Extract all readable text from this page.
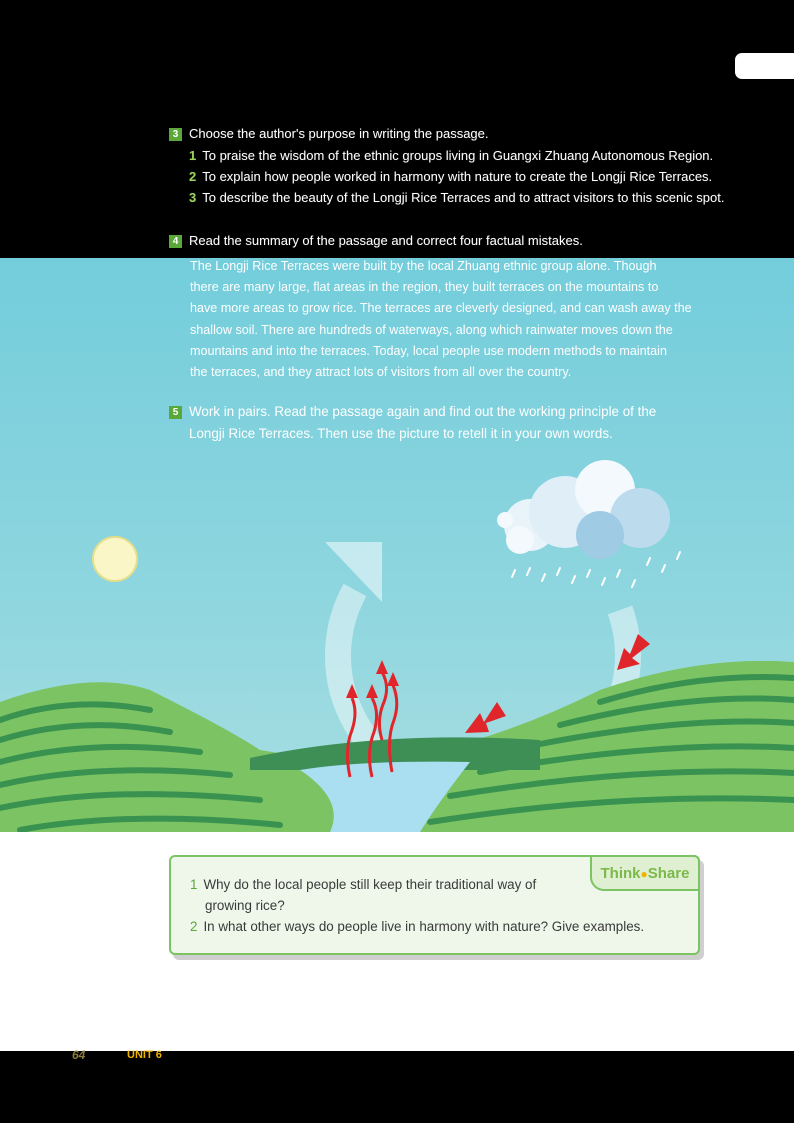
3 Choose the author's purpose in writing the passage.
1 To praise the wisdom of the ethnic groups living in Guangxi Zhuang Autonomous Region.
2 To explain how people worked in harmony with nature to create the Longji Rice Terraces.
3 To describe the beauty of the Longji Rice Terraces and to attract visitors to this scenic spot.
4 Read the summary of the passage and correct four factual mistakes.
The Longji Rice Terraces were built by the local Zhuang ethnic group alone. Though
there are many large, flat areas in the region, they built terraces on the mountains to
have more areas to grow rice. The terraces are cleverly designed, and can wash away the
shallow soil. There are hundreds of waterways, along which rainwater moves down the
mountains and into the terraces. Today, local people use modern methods to maintain
the terraces, and they attract lots of visitors from all over the country.
5 Work in pairs. Read the passage again and find out the working principle of the
Longji Rice Terraces. Then use the picture to retell it in your own words.
Think●Share
1 Why do the local people still keep their traditional way of
growing rice?
2 In what other ways do people live in harmony with nature? Give examples.
64	UNIT 6
